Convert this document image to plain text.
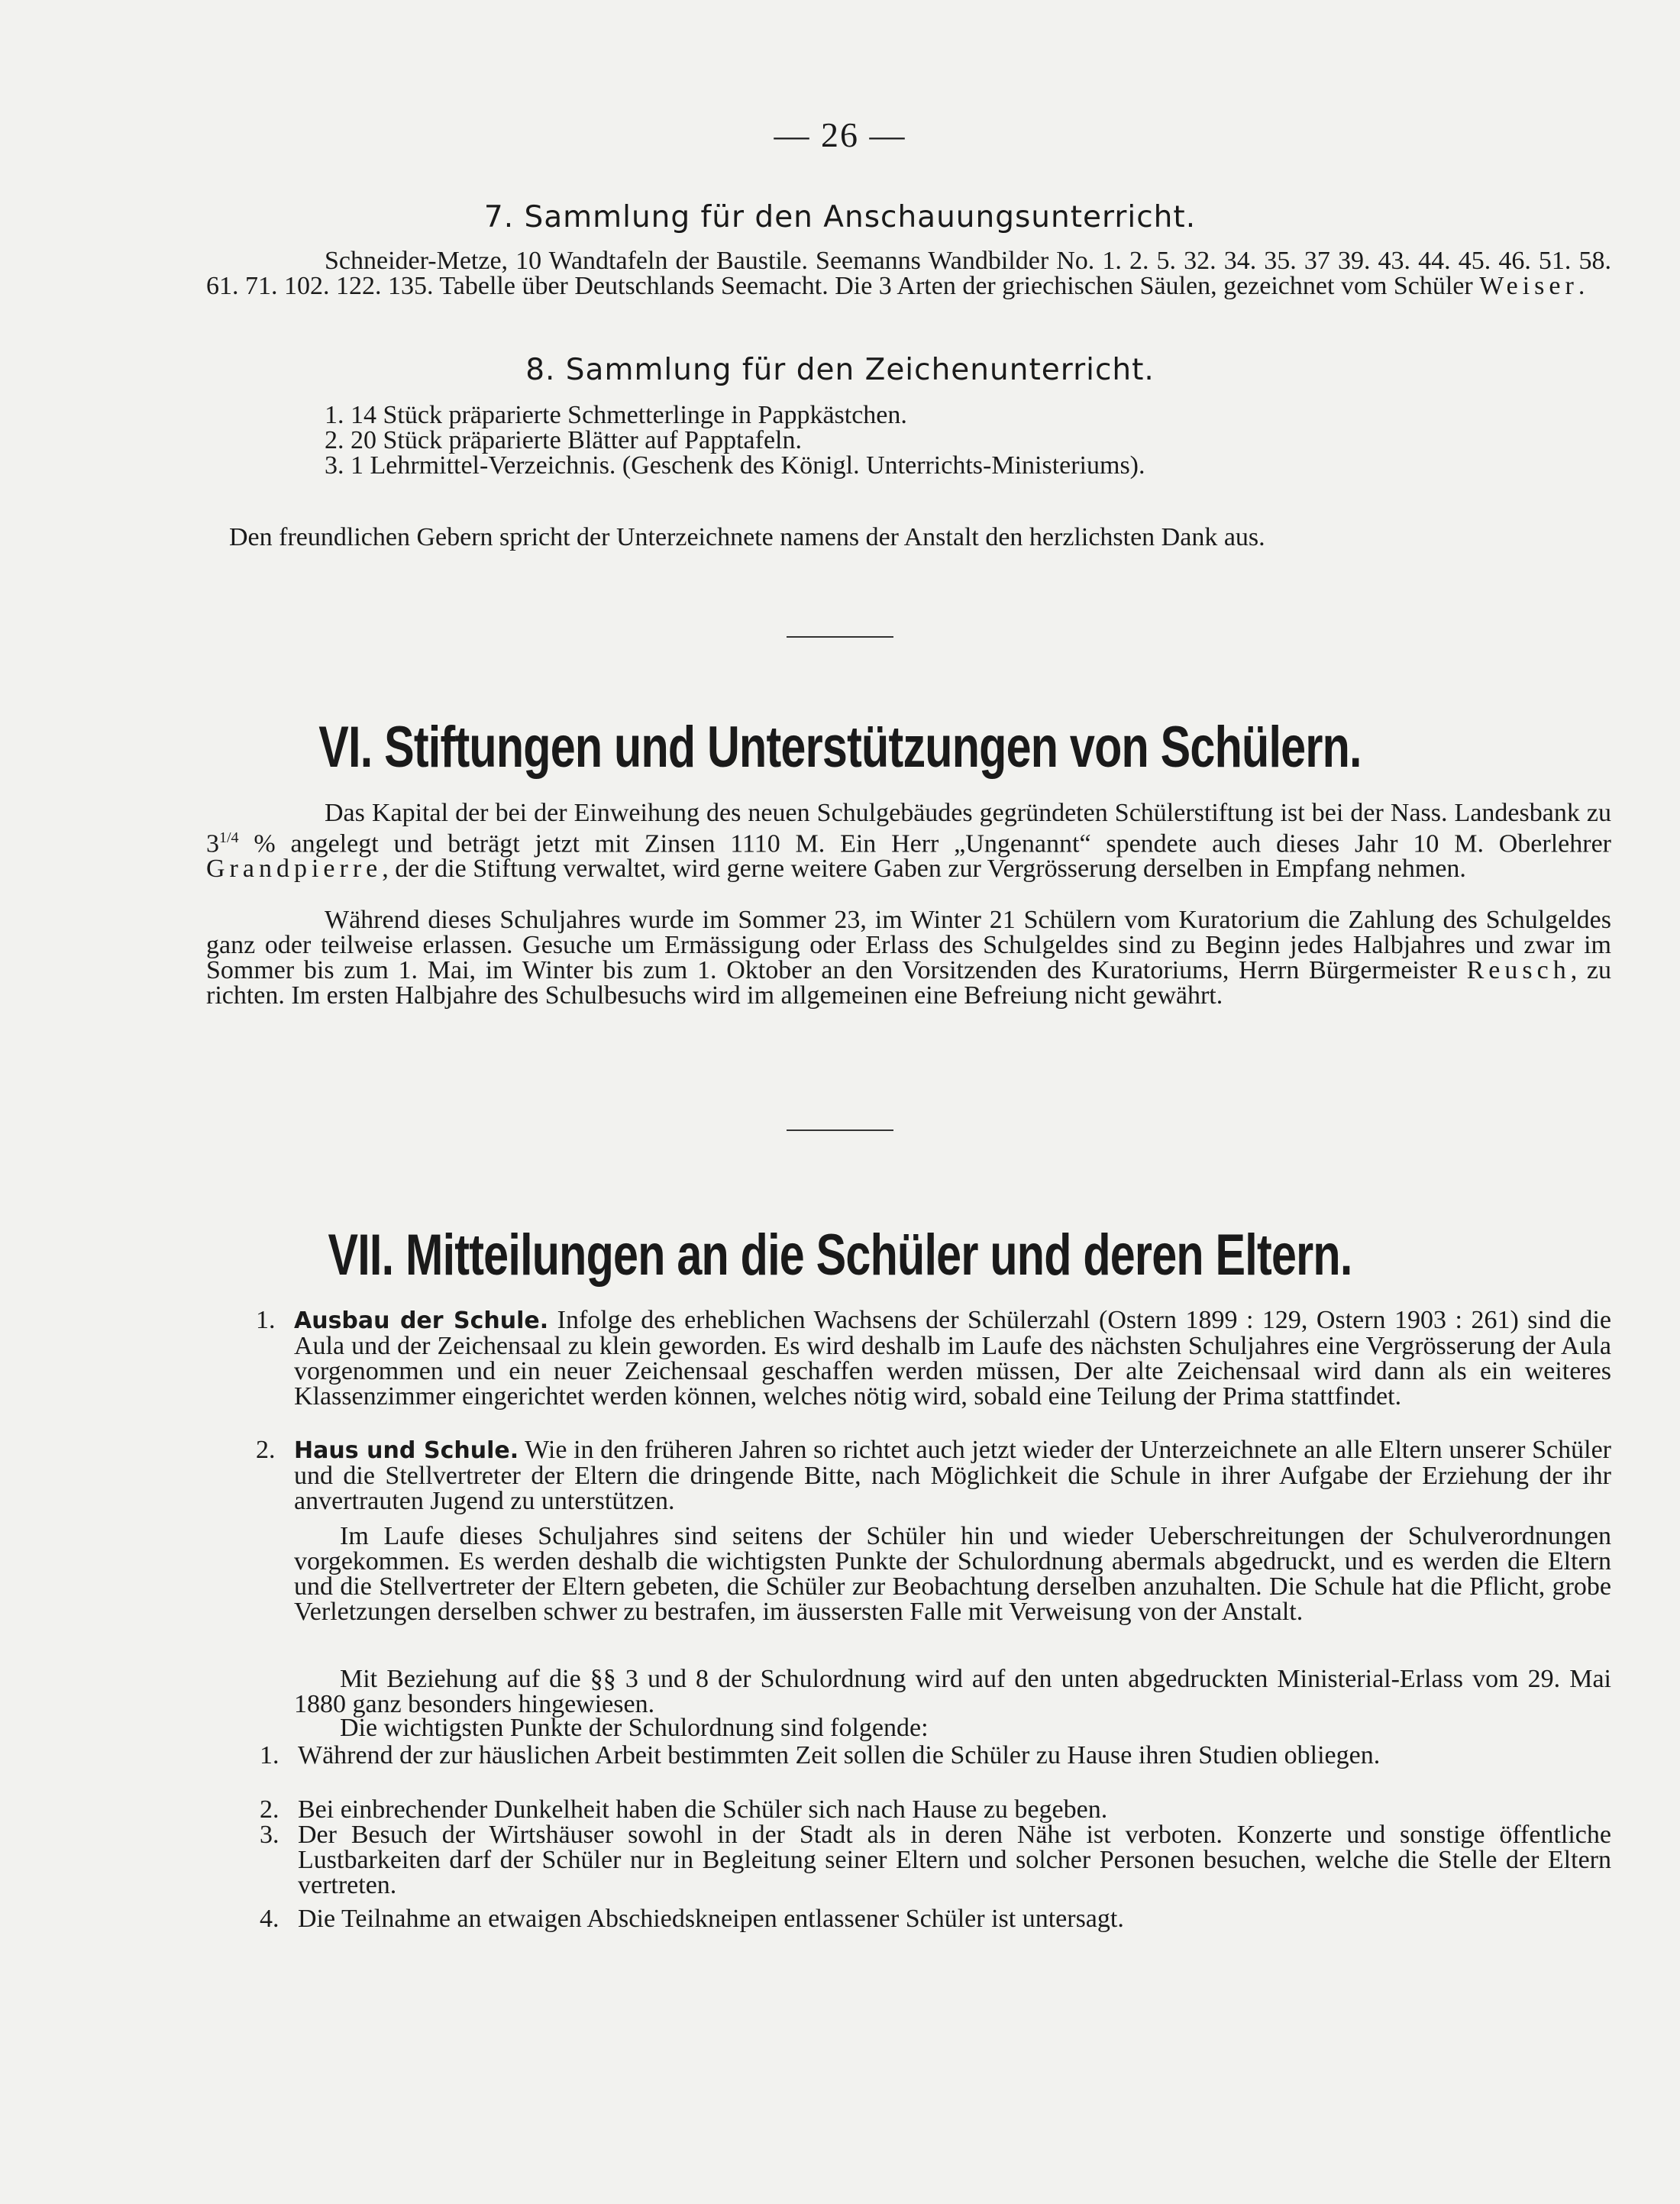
— 26 —
7. Sammlung für den Anschauungsunterricht.
Schneider-Metze, 10 Wandtafeln der Baustile. Seemanns Wandbilder No. 1. 2. 5. 32. 34. 35. 37 39. 43. 44. 45. 46. 51. 58. 61. 71. 102. 122. 135. Tabelle über Deutschlands Seemacht. Die 3 Arten der griechischen Säulen, gezeichnet vom Schüler Weiser.
8. Sammlung für den Zeichenunterricht.
1. 14 Stück präparierte Schmetterlinge in Pappkästchen.
2. 20 Stück präparierte Blätter auf Papptafeln.
3. 1 Lehrmittel-Verzeichnis. (Geschenk des Königl. Unterrichts-Ministeriums).
Den freundlichen Gebern spricht der Unterzeichnete namens der Anstalt den herzlichsten Dank aus.
VI. Stiftungen und Unterstützungen von Schülern.
Das Kapital der bei der Einweihung des neuen Schulgebäudes gegründeten Schülerstiftung ist bei der Nass. Landesbank zu $3^{1/4}$ % angelegt und beträgt jetzt mit Zinsen 1110 M. Ein Herr „Ungenannt“ spendete auch dieses Jahr 10 M. Oberlehrer Grandpierre, der die Stiftung verwaltet, wird gerne weitere Gaben zur Vergrösserung derselben in Empfang nehmen.
Während dieses Schuljahres wurde im Sommer 23, im Winter 21 Schülern vom Kuratorium die Zahlung des Schulgeldes ganz oder teilweise erlassen. Gesuche um Ermässigung oder Erlass des Schulgeldes sind zu Beginn jedes Halbjahres und zwar im Sommer bis zum 1. Mai, im Winter bis zum 1. Oktober an den Vorsitzenden des Kuratoriums, Herrn Bürgermeister Reusch, zu richten. Im ersten Halbjahre des Schulbesuchs wird im allgemeinen eine Befreiung nicht gewährt.
VII. Mitteilungen an die Schüler und deren Eltern.
1. Ausbau der Schule. Infolge des erheblichen Wachsens der Schülerzahl (Ostern 1899 : 129, Ostern 1903 : 261) sind die Aula und der Zeichensaal zu klein geworden. Es wird deshalb im Laufe des nächsten Schuljahres eine Vergrösserung der Aula vorgenommen und ein neuer Zeichensaal geschaffen werden müssen, Der alte Zeichensaal wird dann als ein weiteres Klassenzimmer eingerichtet werden können, welches nötig wird, sobald eine Teilung der Prima stattfindet.
2. Haus und Schule. Wie in den früheren Jahren so richtet auch jetzt wieder der Unterzeichnete an alle Eltern unserer Schüler und die Stellvertreter der Eltern die dringende Bitte, nach Möglichkeit die Schule in ihrer Aufgabe der Erziehung der ihr anvertrauten Jugend zu unterstützen.
Im Laufe dieses Schuljahres sind seitens der Schüler hin und wieder Ueberschreitungen der Schulverordnungen vorgekommen. Es werden deshalb die wichtigsten Punkte der Schulordnung abermals abgedruckt, und es werden die Eltern und die Stellvertreter der Eltern gebeten, die Schüler zur Beobachtung derselben anzuhalten. Die Schule hat die Pflicht, grobe Verletzungen derselben schwer zu bestrafen, im äussersten Falle mit Verweisung von der Anstalt.
Mit Beziehung auf die §§ 3 und 8 der Schulordnung wird auf den unten abgedruckten Ministerial-Erlass vom 29. Mai 1880 ganz besonders hingewiesen.
Die wichtigsten Punkte der Schulordnung sind folgende:
1. Während der zur häuslichen Arbeit bestimmten Zeit sollen die Schüler zu Hause ihren Studien obliegen.
2. Bei einbrechender Dunkelheit haben die Schüler sich nach Hause zu begeben.
3. Der Besuch der Wirtshäuser sowohl in der Stadt als in deren Nähe ist verboten. Konzerte und sonstige öffentliche Lustbarkeiten darf der Schüler nur in Begleitung seiner Eltern und solcher Personen besuchen, welche die Stelle der Eltern vertreten.
4. Die Teilnahme an etwaigen Abschiedskneipen entlassener Schüler ist untersagt.
